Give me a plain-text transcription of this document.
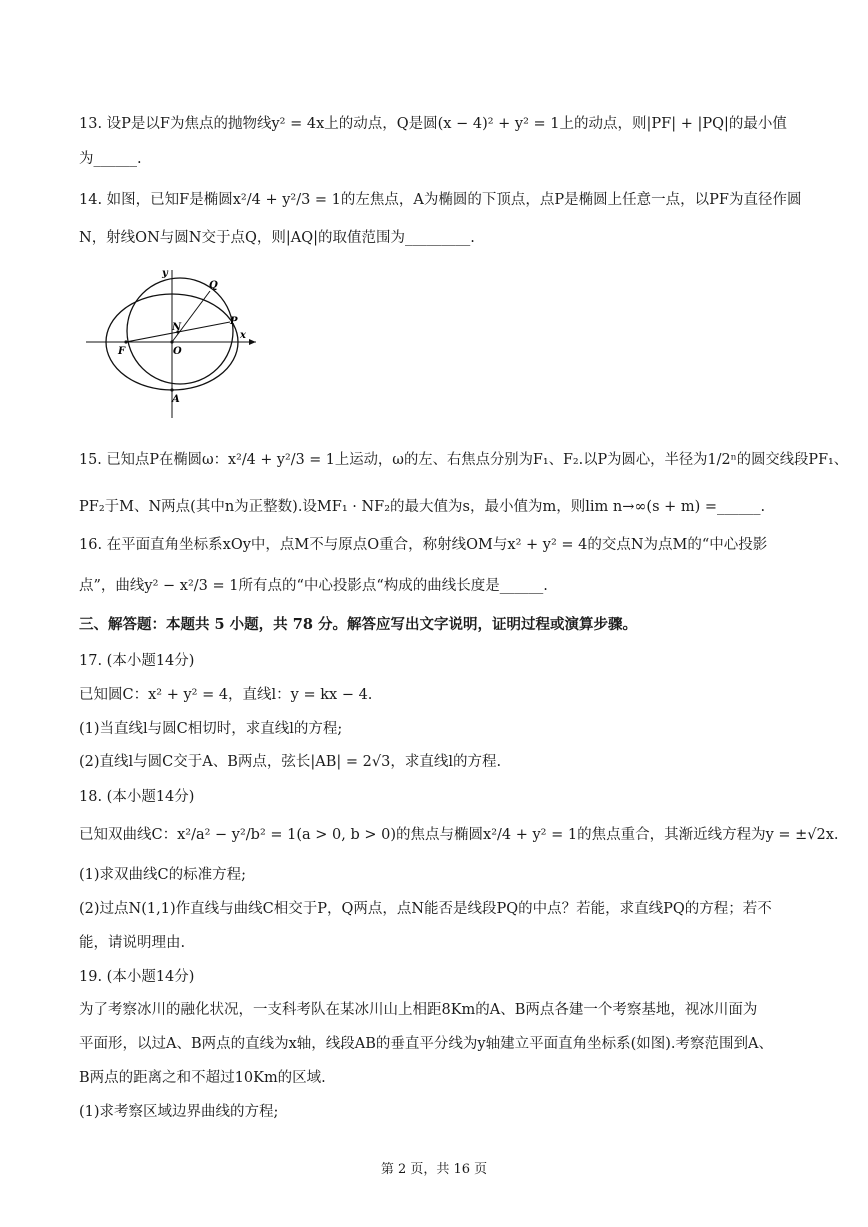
13. 设P是以F为焦点的抛物线y² = 4x上的动点，Q是圆(x − 4)² + y² = 1上的动点，则|PF| + |PQ|的最小值
为______.
14. 如图，已知F是椭圆x²/4 + y²/3 = 1的左焦点，A为椭圆的下顶点，点P是椭圆上任意一点，以PF为直径作圆
N，射线ON与圆N交于点Q，则|AQ|的取值范围为_________.
y
x
Q
P
N
F	O
A
15. 已知点P在椭圆ω：x²/4 + y²/3 = 1上运动，ω的左、右焦点分别为F₁、F₂.以P为圆心，半径为1/2ⁿ的圆交线段PF₁、
PF₂于M、N两点(其中n为正整数).设MF₁ · NF₂的最大值为s，最小值为m，则lim n→∞(s + m) =______.
16. 在平面直角坐标系xOy中，点M不与原点O重合，称射线OM与x² + y² = 4的交点N为点M的“中心投影
点”，曲线y² − x²/3 = 1所有点的“中心投影点“构成的曲线长度是______.
三、解答题：本题共 5 小题，共 78 分。解答应写出文字说明，证明过程或演算步骤。
17. (本小题14分)
已知圆C：x² + y² = 4，直线l：y = kx − 4.
(1)当直线l与圆C相切时，求直线l的方程;
(2)直线l与圆C交于A、B两点，弦长|AB| = 2√3，求直线l的方程.
18. (本小题14分)
已知双曲线C：x²/a² − y²/b² = 1(a > 0, b > 0)的焦点与椭圆x²/4 + y² = 1的焦点重合，其渐近线方程为y = ±√2x.
(1)求双曲线C的标准方程;
(2)过点N(1,1)作直线与曲线C相交于P，Q两点，点N能否是线段PQ的中点？若能，求直线PQ的方程；若不
能，请说明理由.
19. (本小题14分)
为了考察冰川的融化状况，一支科考队在某冰川山上相距8Km的A、B两点各建一个考察基地，视冰川面为
平面形，以过A、B两点的直线为x轴，线段AB的垂直平分线为y轴建立平面直角坐标系(如图).考察范围到A、
B两点的距离之和不超过10Km的区域.
(1)求考察区域边界曲线的方程;
第 2 页，共 16 页
